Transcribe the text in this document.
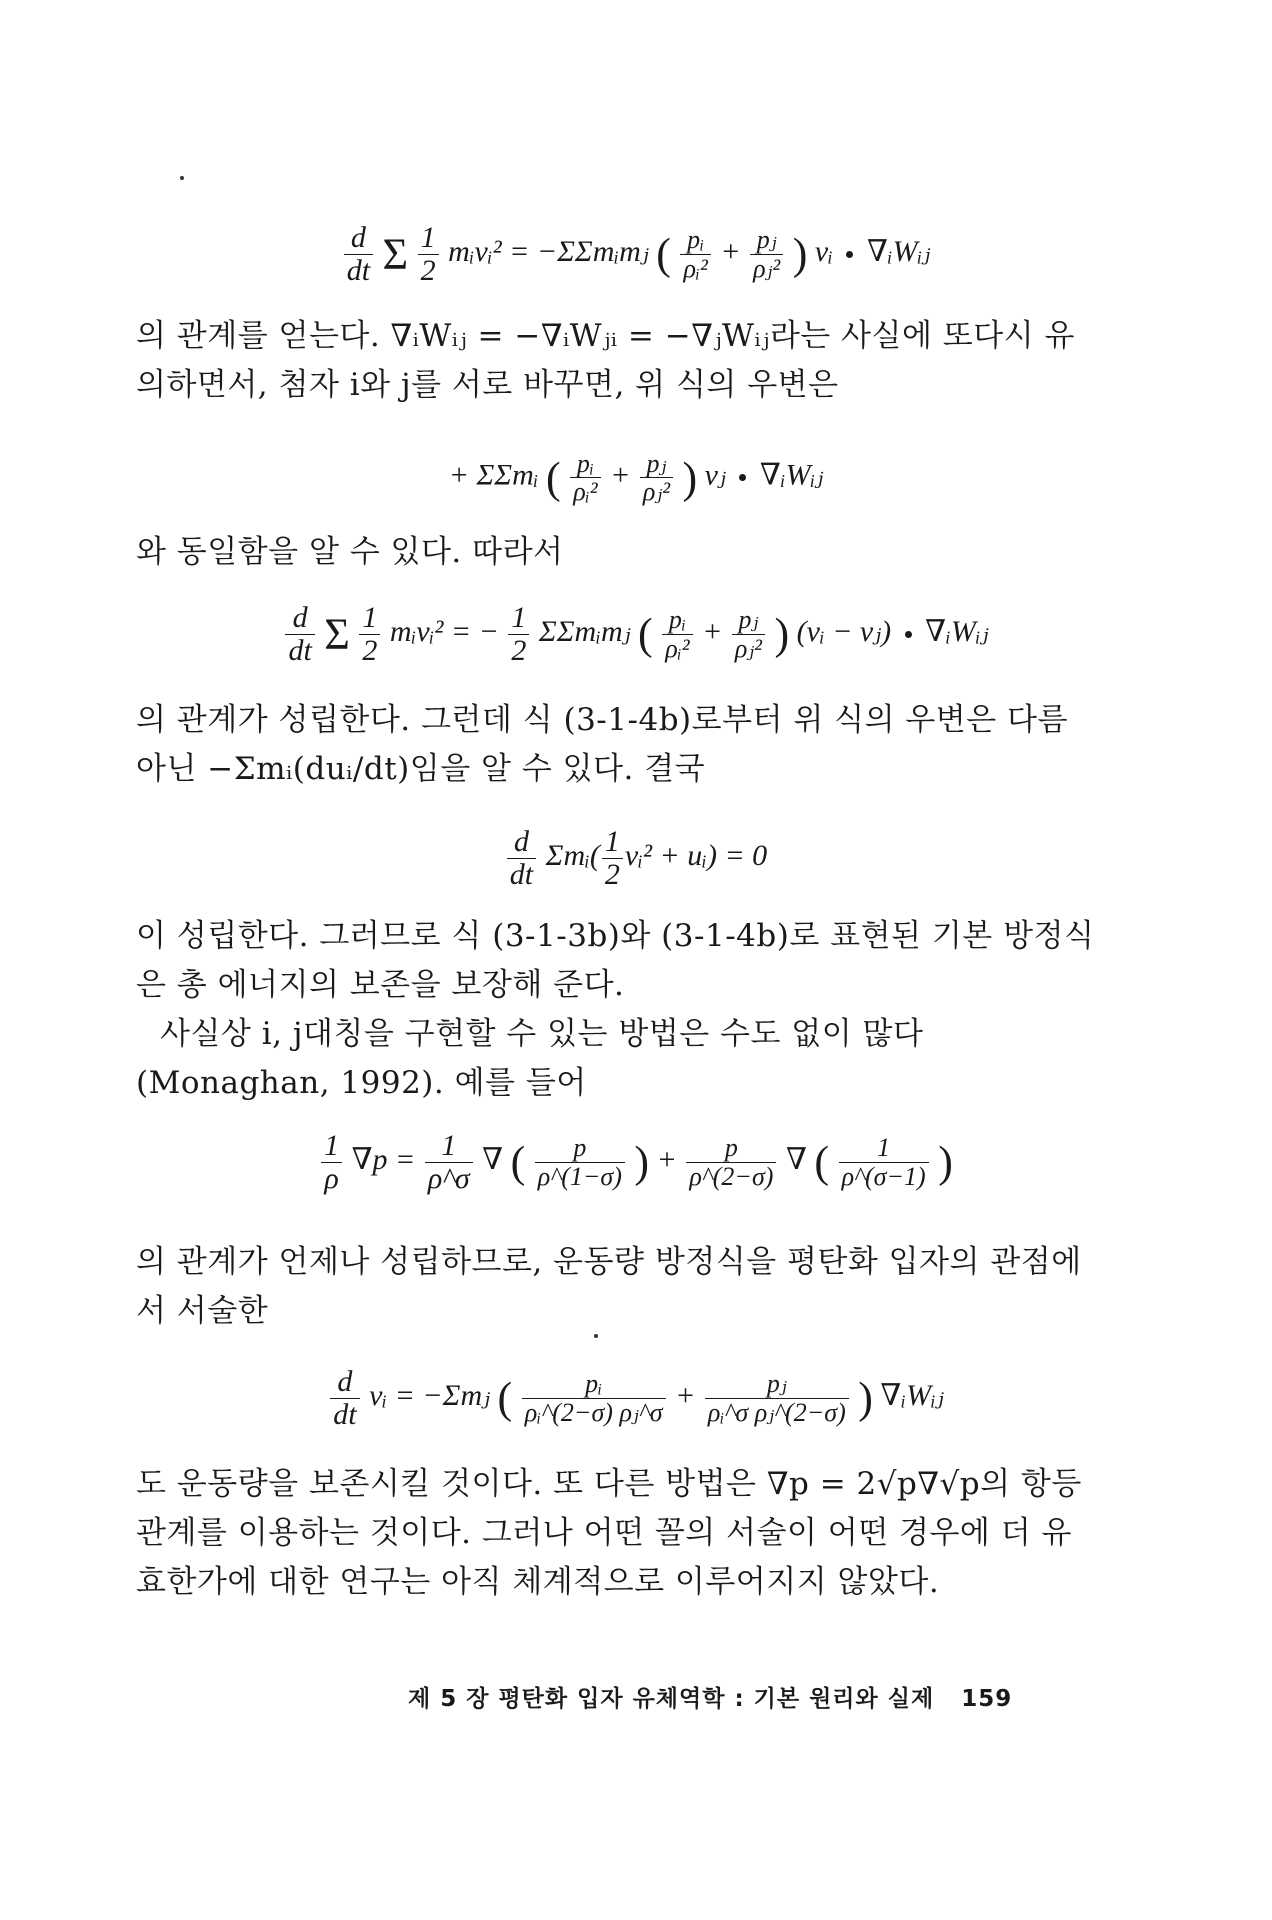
$\frac{d}{dt}$ Σ $\frac{1}{2}$ mᵢvᵢ² = −ΣΣmᵢmⱼ ( $\frac{\text{pᵢ}}{\text{ρᵢ²}} + \frac{\text{pⱼ}}{\text{ρⱼ²}}$ ) vᵢ ∇ᵢWᵢⱼ
의 관계를 얻는다. ∇ᵢWᵢⱼ = −∇ᵢWⱼᵢ = −∇ⱼWᵢⱼ라는 사실에 또다시 유의하면서, 첨자 i와 j를 서로 바꾸면, 위 식의 우변은
+ ΣΣmᵢ ( $\frac{\text{pᵢ}}{\text{ρᵢ²}} + \frac{\text{pⱼ}}{\text{ρⱼ²}}$ ) vⱼ ∇ᵢWᵢⱼ
와 동일함을 알 수 있다. 따라서
$\frac{d}{dt}$ Σ $\frac{1}{2}$ mᵢvᵢ² = − $\frac{1}{2}$ ΣΣmᵢmⱼ ( $\frac{\text{pᵢ}}{\text{ρᵢ²}} + \frac{\text{pⱼ}}{\text{ρⱼ²}}$ ) (vᵢ − vⱼ) ∇ᵢWᵢⱼ
의 관계가 성립한다. 그런데 식 (3-1-4b)로부터 위 식의 우변은 다름 아닌 −Σmᵢ(duᵢ/dt)임을 알 수 있다. 결국
$\frac{d}{dt}$ Σmᵢ( $\frac{1}{2}$ vᵢ² + uᵢ) = 0
이 성립한다. 그러므로 식 (3-1-3b)와 (3-1-4b)로 표현된 기본 방정식은 총 에너지의 보존을 보장해 준다.
사실상 i, j대칭을 구현할 수 있는 방법은 수도 없이 많다(Monaghan, 1992). 예를 들어
$\frac{1}{\rho} \nabla p = \frac{1}{\rho\^{}\sigma}$ ∇ ( $\frac{p}{\rho\^{}(1-\sigma)}$ ) + $\frac{p}{\rho\^{}(2-\sigma)}$ ∇ ( $\frac{1}{\rho\^{}(\sigma-1)}$ )
의 관계가 언제나 성립하므로, 운동량 방정식을 평탄화 입자의 관점에서 서술한
$\frac{d}{dt}$ vᵢ = −Σmⱼ ( $\frac{\text{pᵢ}}{\text{ρᵢ\textasciicircum{}(2−σ) ρⱼ\textasciicircum{}σ}} + \frac{\text{pⱼ}}{\text{ρᵢ\textasciicircum{}σ ρⱼ\textasciicircum{}(2−σ)}}$ ) ∇ᵢWᵢⱼ
도 운동량을 보존시킬 것이다. 또 다른 방법은 ∇p = 2√p∇√p의 항등 관계를 이용하는 것이다. 그러나 어떤 꼴의 서술이 어떤 경우에 더 유효한가에 대한 연구는 아직 체계적으로 이루어지지 않았다.
제 5 장 평탄화 입자 유체역학 : 기본 원리와 실제 159
